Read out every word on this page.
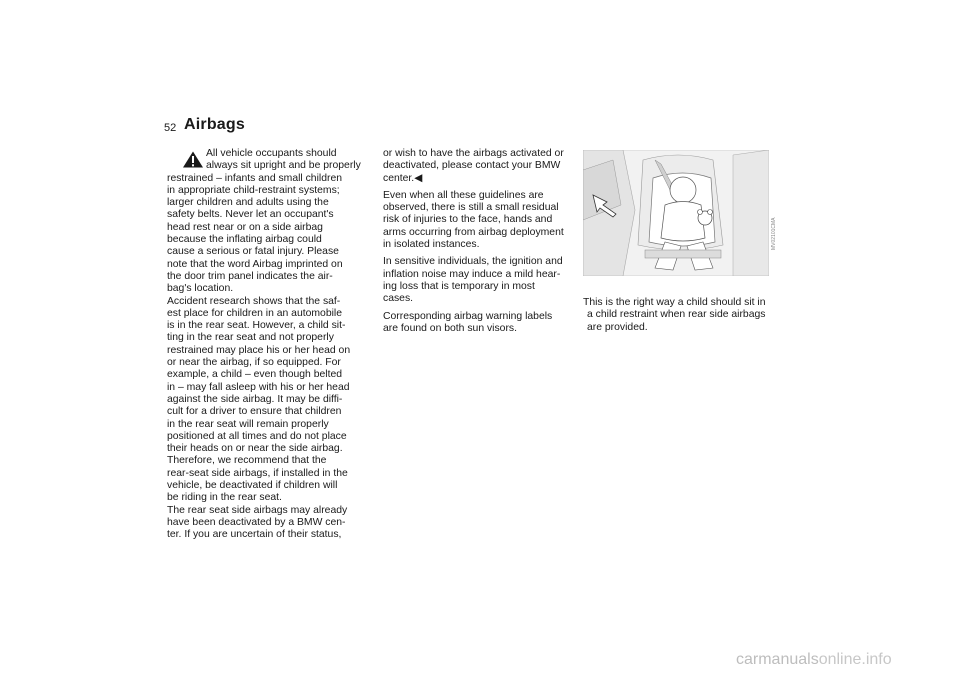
52 Airbags
All vehicle occupants should
always sit upright and be properly
restrained – infants and small children
in appropriate child-restraint systems;
larger children and adults using the
safety belts. Never let an occupant's
head rest near or on a side airbag
because the inflating airbag could
cause a serious or fatal injury. Please
note that the word Airbag imprinted on
the door trim panel indicates the air-
bag's location.
Accident research shows that the saf-
est place for children in an automobile
is in the rear seat. However, a child sit-
ting in the rear seat and not properly
restrained may place his or her head on
or near the airbag, if so equipped. For
example, a child – even though belted
in – may fall asleep with his or her head
against the side airbag. It may be diffi-
cult for a driver to ensure that children
in the rear seat will remain properly
positioned at all times and do not place
their heads on or near the side airbag.
Therefore, we recommend that the
rear-seat side airbags, if installed in the
vehicle, be deactivated if children will
be riding in the rear seat.
The rear seat side airbags may already
have been deactivated by a BMW cen-
ter. If you are uncertain of their status,
or wish to have the airbags activated or
deactivated, please contact your BMW
center.◀
Even when all these guidelines are
observed, there is still a small residual
risk of injuries to the face, hands and
arms occurring from airbag deployment
in isolated instances.
In sensitive individuals, the ignition and
inflation noise may induce a mild hear-
ing loss that is temporary in most
cases.
Corresponding airbag warning labels
are found on both sun visors.
MV02101CMA
This is the right way a child should sit in
a child restraint when rear side airbags
are provided.
carmanualsonline.info
